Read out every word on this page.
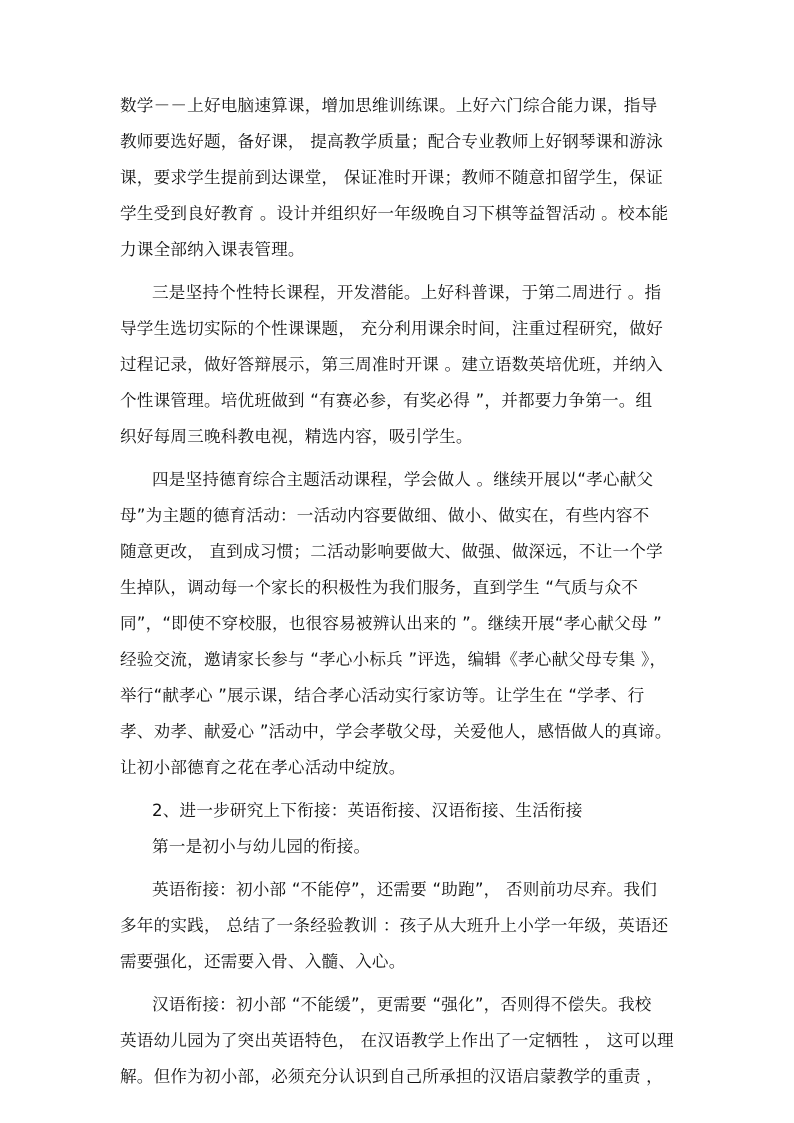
数学－－上好电脑速算课，增加思维训练课。上好六门综合能力课，指导
教师要选好题，备好课， 提高教学质量；配合专业教师上好钢琴课和游泳
课，要求学生提前到达课堂， 保证准时开课；教师不随意扣留学生，保证
学生受到良好教育 。设计并组织好一年级晚自习下棋等益智活动 。校本能
力课全部纳入课表管理。
三是坚持个性特长课程，开发潜能。上好科普课，于第二周进行 。指
导学生选切实际的个性课课题， 充分利用课余时间，注重过程研究，做好
过程记录，做好答辩展示，第三周准时开课 。建立语数英培优班，并纳入
个性课管理。培优班做到 “有赛必参，有奖必得 ”，并都要力争第一。组
织好每周三晚科教电视，精选内容，吸引学生。
四是坚持德育综合主题活动课程，学会做人 。继续开展以“孝心献父
母”为主题的德育活动：一活动内容要做细、做小、做实在，有些内容不
随意更改， 直到成习惯；二活动影响要做大、做强、做深远，不让一个学
生掉队，调动每一个家长的积极性为我们服务，直到学生 “气质与众不
同”，“即使不穿校服，也很容易被辨认出来的 ”。继续开展“孝心献父母 ”
经验交流，邀请家长参与 “孝心小标兵 ”评选，编辑《孝心献父母专集 》，
举行“献孝心 ”展示课，结合孝心活动实行家访等。让学生在 “学孝、行
孝、劝孝、献爱心 ”活动中，学会孝敬父母，关爱他人，感悟做人的真谛。
让初小部德育之花在孝心活动中绽放。
2、进一步研究上下衔接：英语衔接、汉语衔接、生活衔接
第一是初小与幼儿园的衔接。
英语衔接：初小部 “不能停”，还需要 “助跑”， 否则前功尽弃。我们
多年的实践， 总结了一条经验教训 ：孩子从大班升上小学一年级，英语还
需要强化，还需要入骨、入髓、入心。
汉语衔接：初小部 “不能缓”，更需要 “强化”，否则得不偿失。我校
英语幼儿园为了突出英语特色， 在汉语教学上作出了一定牺牲 ， 这可以理
解。但作为初小部，必须充分认识到自己所承担的汉语启蒙教学的重责 ，
